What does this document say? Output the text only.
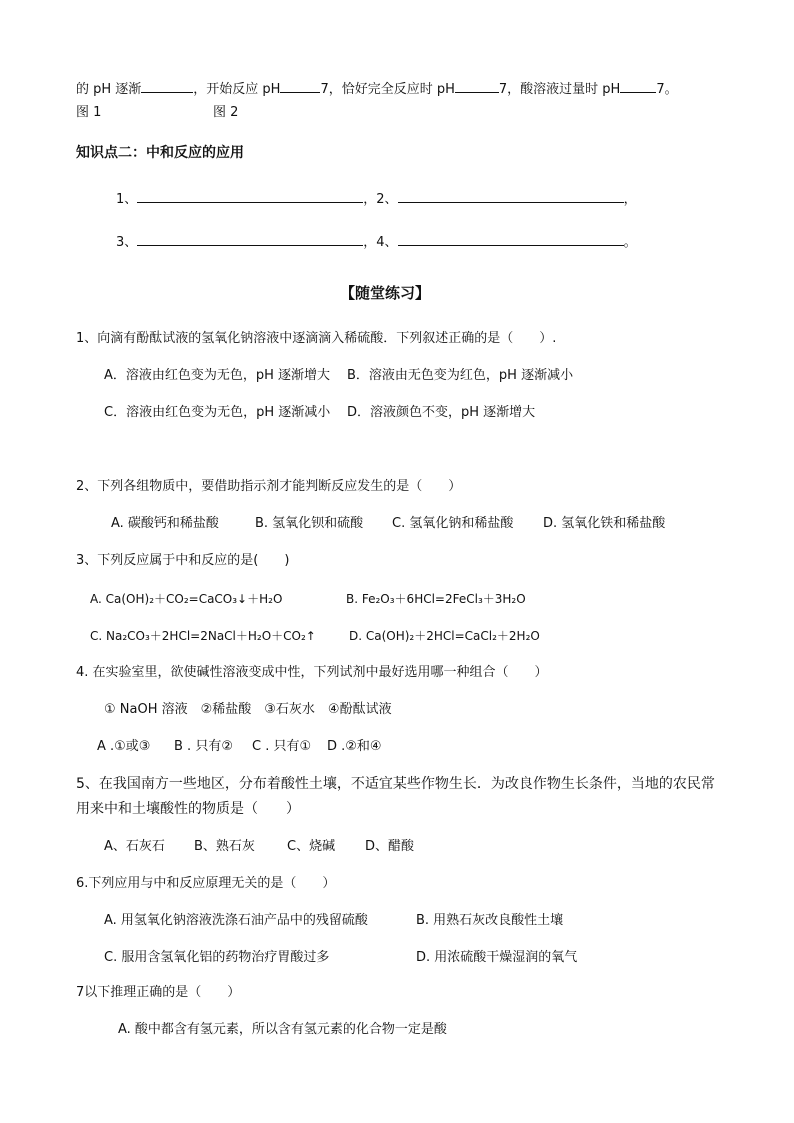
的 pH 逐渐	，开始反应 pH	7，恰好完全反应时 pH	7，酸溶液过量时 pH	7。
图 1	图 2
知识点二：中和反应的应用
1、	，2、	，
3、	，4、	。
【随堂练习】
1、向滴有酚酞试液的氢氧化钠溶液中逐滴滴入稀硫酸．下列叙述正确的是（　　）.
A．溶液由红色变为无色，pH 逐渐增大 B．溶液由无色变为红色，pH 逐渐减小
C．溶液由红色变为无色，pH 逐渐减小 D．溶液颜色不变，pH 逐渐增大
2、下列各组物质中，要借助指示剂才能判断反应发生的是（　　）
A. 碳酸钙和稀盐酸	B. 氢氧化钡和硫酸 C. 氢氧化钠和稀盐酸 D. 氢氧化铁和稀盐酸
3、下列反应属于中和反应的是(　　)
A. Ca(OH)₂＋CO₂=CaCO₃↓＋H₂O	B. Fe₂O₃＋6HCl=2FeCl₃＋3H₂O
C. Na₂CO₃＋2HCl=2NaCl＋H₂O＋CO₂↑	D. Ca(OH)₂＋2HCl=CaCl₂＋2H₂O
4. 在实验室里，欲使碱性溶液变成中性，下列试剂中最好选用哪一种组合（　　）
① NaOH 溶液　②稀盐酸　③石灰水　④酚酞试液
A .①或③ B . 只有② C . 只有① D .②和④
5、在我国南方一些地区，分布着酸性土壤，不适宜某些作物生长．为改良作物生长条件，当地的农民常
用来中和土壤酸性的物质是（　　）
A、石灰石 B、熟石灰 C、烧碱 D、醋酸
6.下列应用与中和反应原理无关的是（　　）
A. 用氢氧化钠溶液洗涤石油产品中的残留硫酸	B. 用熟石灰改良酸性土壤
C. 服用含氢氧化铝的药物治疗胃酸过多	D. 用浓硫酸干燥湿润的氧气
7以下推理正确的是（　　）
A. 酸中都含有氢元素，所以含有氢元素的化合物一定是酸
